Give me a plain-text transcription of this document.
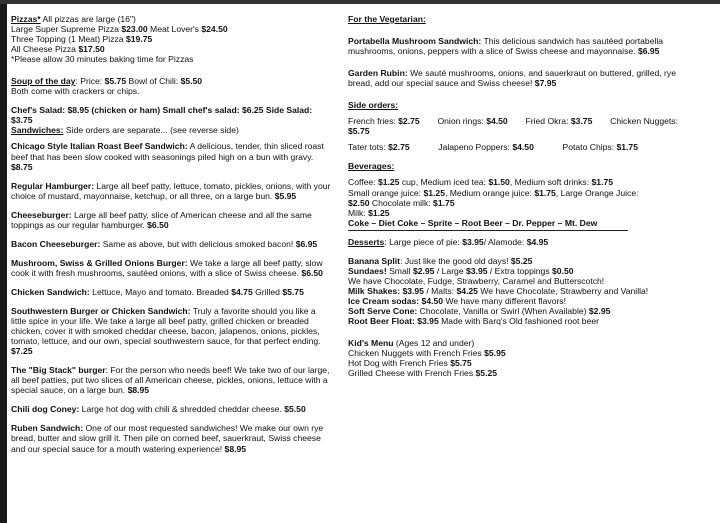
Pizzas* All pizzas are large (16")
Large Super Supreme Pizza $23.00 Meat Lover's $24.50
Three Topping (1 Meat) Pizza $19.75
All Cheese Pizza $17.50
*Please allow 30 minutes baking time for Pizzas
Soup of the day: Price: $5.75 Bowl of Chili: $5.50
Both come with crackers or chips.
Chef's Salad: $8.95 (chicken or ham) Small chef's salad: $6.25 Side Salad: $3.75
Sandwiches: Side orders are separate... (see reverse side)
Chicago Style Italian Roast Beef Sandwich: A delicious, tender, thin sliced roast beef that has been slow cooked with seasonings piled high on a bun with gravy. $8.75
Regular Hamburger: Large all beef patty, lettuce, tomato, pickles, onions, with your choice of mustard, mayonnaise, ketchup, or all three, on a large bun. $5.95
Cheeseburger: Large all beef patty, slice of American cheese and all the same toppings as our regular hamburger. $6.50
Bacon Cheeseburger: Same as above, but with delicious smoked bacon! $6.95
Mushroom, Swiss & Grilled Onions Burger: We take a large all beef patty, slow cook it with fresh mushrooms, sautéed onions, with a slice of Swiss cheese. $6.50
Chicken Sandwich: Lettuce, Mayo and tomato. Breaded $4.75 Grilled $5.75
Southwestern Burger or Chicken Sandwich: Truly a favorite should you like a little spice in your life. We take a large all beef patty, grilled chicken or breaded chicken, cover it with smoked cheddar cheese, bacon, jalapenos, onions, pickles, tomato, lettuce, and our own, special southwestern sauce, for that perfect ending. $7.25
The "Big Stack" burger: For the person who needs beef! We take two of our large, all beef patties, put two slices of all American cheese, pickles, onions, lettuce with a special sauce, on a large bun. $8.95
Chili dog Coney: Large hot dog with chili & shredded cheddar cheese. $5.50
Ruben Sandwich: One of our most requested sandwiches! We make our own rye bread, butter and slow grill it. Then pile on corned beef, sauerkraut, Swiss cheese and our special sauce for a mouth watering experience! $8.95
For the Vegetarian:
Portabella Mushroom Sandwich: This delicious sandwich has sautéed portabella mushrooms, onions, peppers with a slice of Swiss cheese and mayonnaise. $6.95
Garden Rubin: We sauté mushrooms, onions, and sauerkraut on buttered, grilled, rye bread, add our special sauce and Swiss cheese! $7.95
Side orders:
French fries: $2.75 Onion rings: $4.50 Fried Okra: $3.75 Chicken Nuggets:
$5.75
Tater tots: $2.75	Jalapeno Poppers: $4.50	Potato Chips: $1.75
Beverages:
Coffee: $1.25 cup, Medium iced tea: $1.50, Medium soft drinks: $1.75
Small orange juice: $1.25, Medium orange juice: $1.75, Large Orange Juice:
$2.50 Chocolate milk: $1.75
Milk: $1.25
Coke – Diet Coke – Sprite – Root Beer – Dr. Pepper – Mt. Dew
Desserts: Large piece of pie: $3.95/ Alamode: $4.95
Banana Split: Just like the good old days! $5.25
Sundaes! Small $2.95 / Large $3.95 / Extra toppings $0.50
We have Chocolate, Fudge, Strawberry, Caramel and Butterscotch!
Milk Shakes: $3.95 / Malts: $4.25 We have Chocolate, Strawberry and Vanilla!
Ice Cream sodas: $4.50 We have many different flavors!
Soft Serve Cone: Chocolate, Vanilla or Swirl (When Available) $2.95
Root Beer Float: $3.95 Made with Barq's Old fashioned root beer
Kid's Menu (Ages 12 and under)
Chicken Nuggets with French Fries $5.95
Hot Dog with French Fries $5.75
Grilled Cheese with French Fries $5.25
